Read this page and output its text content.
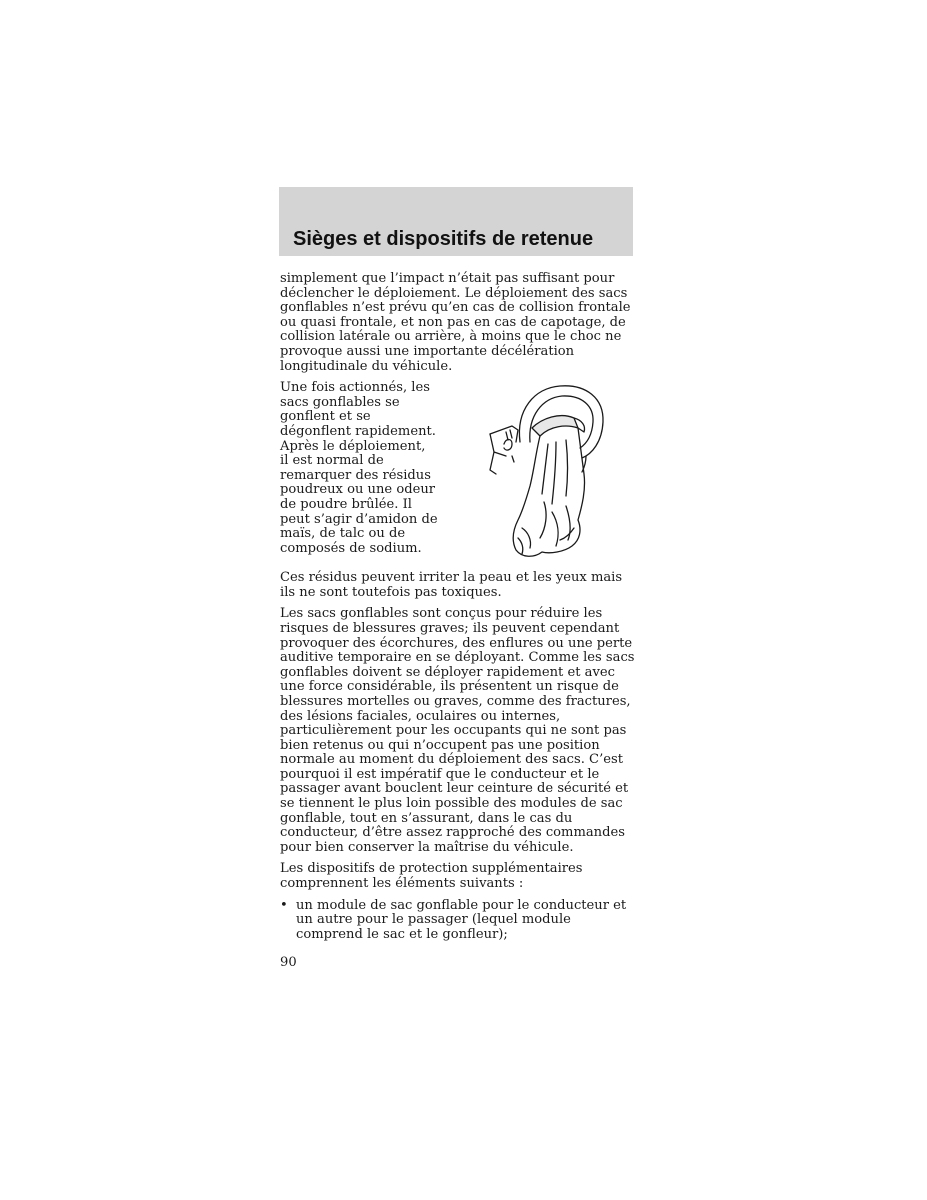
Sièges et dispositifs de retenue

simplement que l’impact n’était pas suffisant pour
déclencher le déploiement. Le déploiement des sacs
gonflables n’est prévu qu’en cas de collision frontale
ou quasi frontale, et non pas en cas de capotage, de
collision latérale ou arrière, à moins que le choc ne
provoque aussi une importante décélération
longitudinale du véhicule.

Une fois actionnés, les
sacs gonflables se
gonflent et se
dégonflent rapidement.
Après le déploiement,
il est normal de
remarquer des résidus
poudreux ou une odeur
de poudre brûlée. Il
peut s’agir d’amidon de
maïs, de talc ou de
composés de sodium.
Ces résidus peuvent irriter la peau et les yeux mais
ils ne sont toutefois pas toxiques.

Les sacs gonflables sont conçus pour réduire les
risques de blessures graves; ils peuvent cependant
provoquer des écorchures, des enflures ou une perte
auditive temporaire en se déployant. Comme les sacs
gonflables doivent se déployer rapidement et avec
une force considérable, ils présentent un risque de
blessures mortelles ou graves, comme des fractures,
des lésions faciales, oculaires ou internes,
particulièrement pour les occupants qui ne sont pas
bien retenus ou qui n’occupent pas une position
normale au moment du déploiement des sacs. C’est
pourquoi il est impératif que le conducteur et le
passager avant bouclent leur ceinture de sécurité et
se tiennent le plus loin possible des modules de sac
gonflable, tout en s’assurant, dans le cas du
conducteur, d’être assez rapproché des commandes
pour bien conserver la maîtrise du véhicule.

Les dispositifs de protection supplémentaires
comprennent les éléments suivants :

• un module de sac gonflable pour le conducteur et
un autre pour le passager (lequel module
comprend le sac et le gonfleur);
90
